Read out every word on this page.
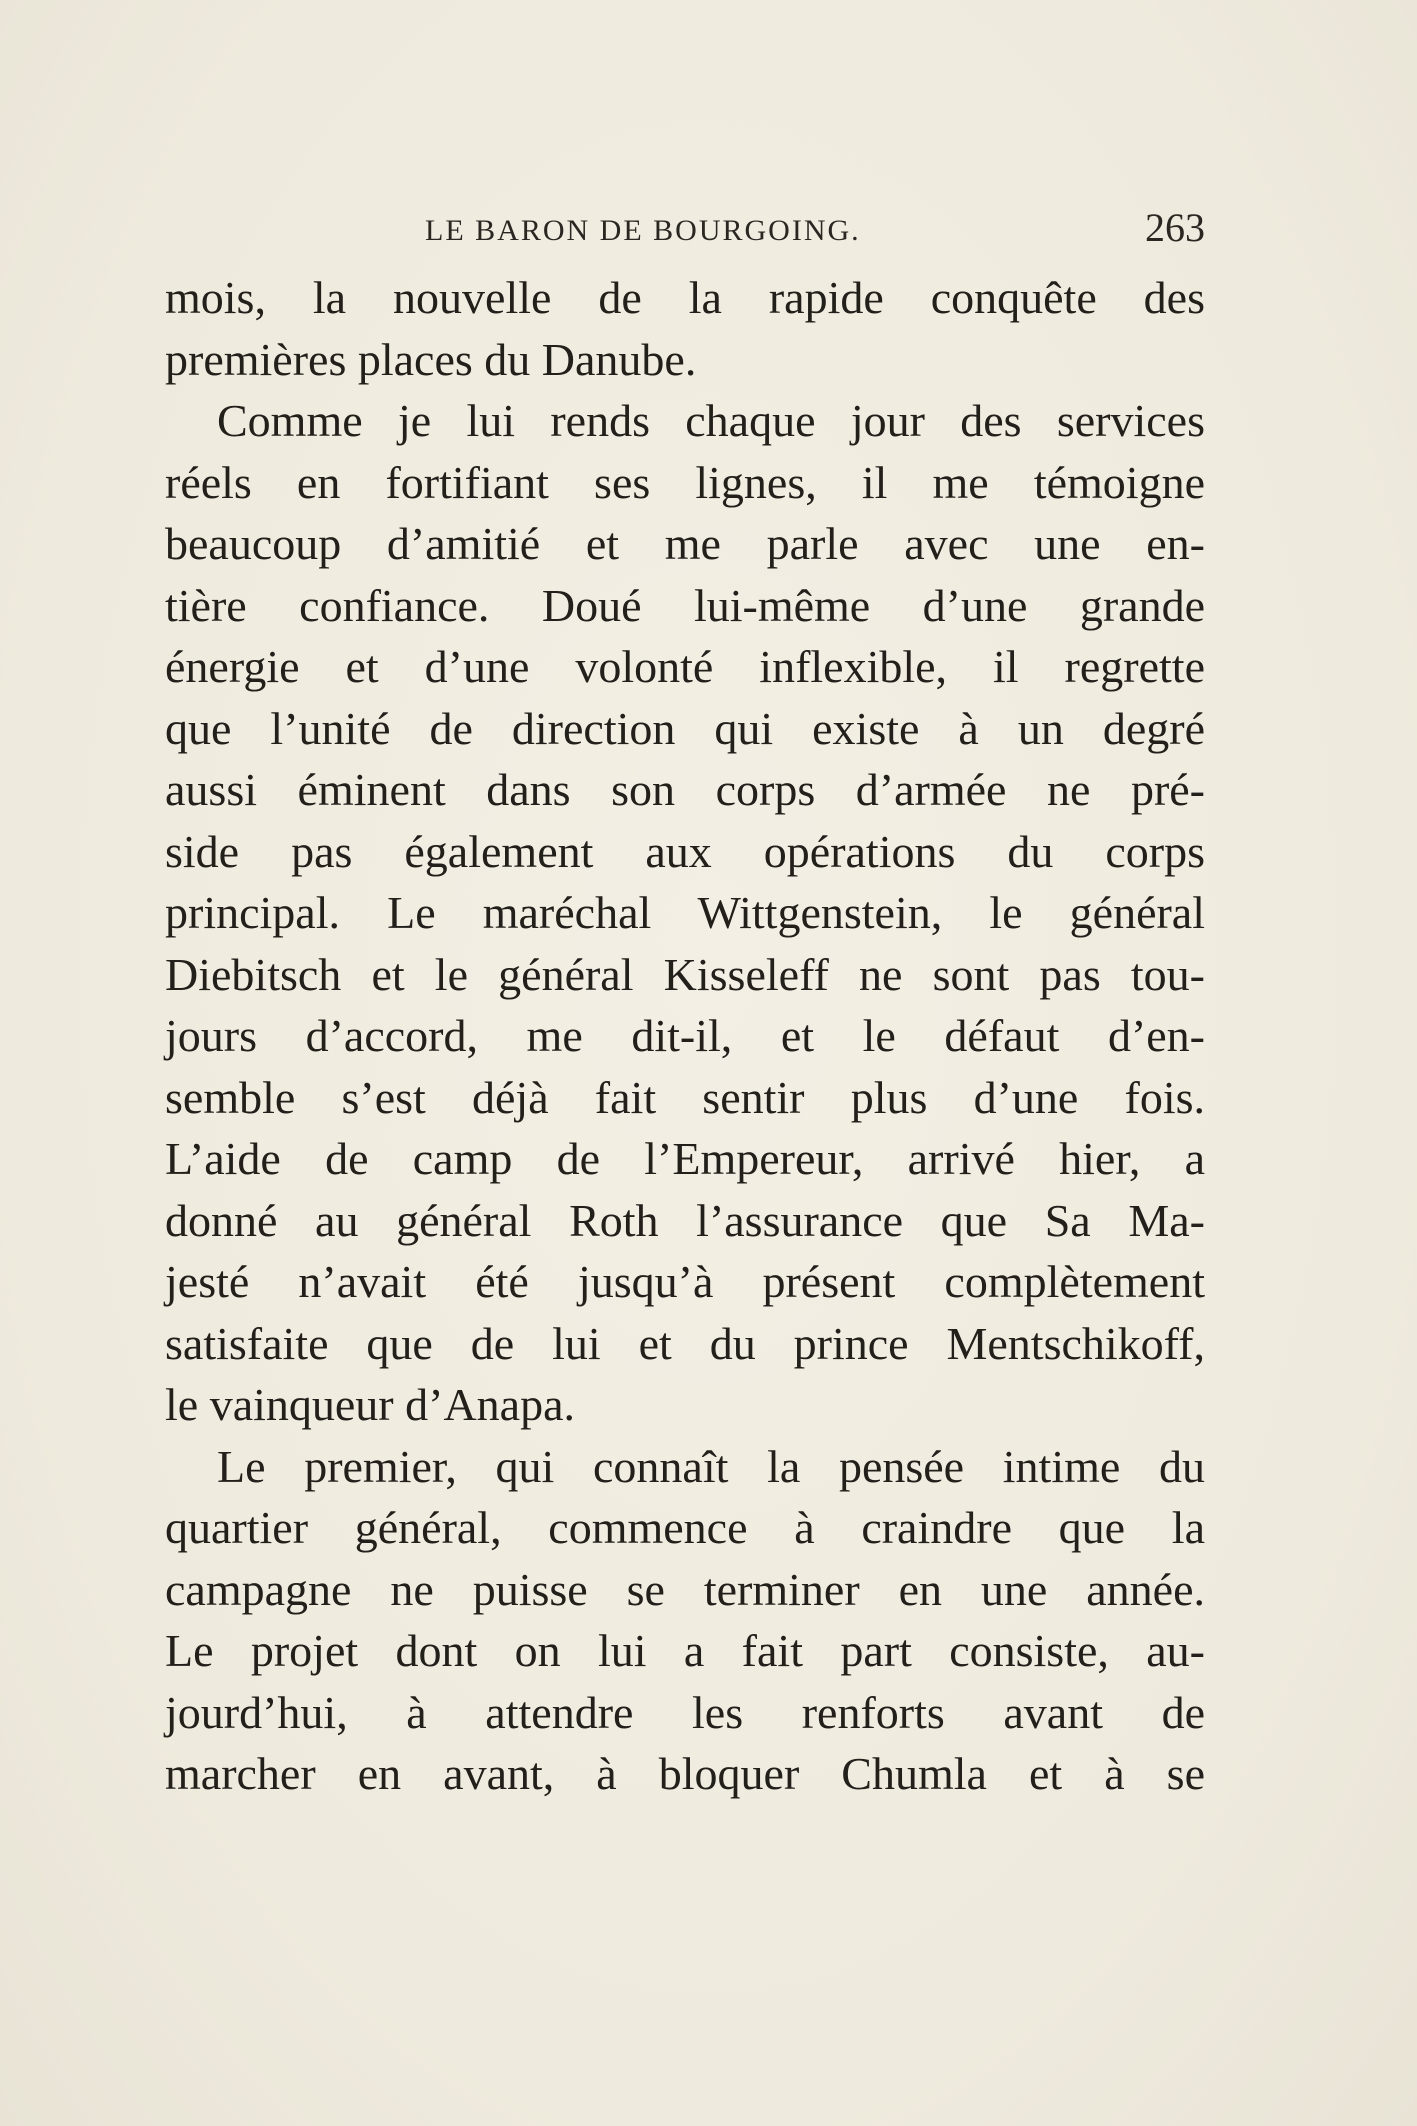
LE BARON DE BOURGOING.	263
mois, la nouvelle de la rapide conquête des
premières places du Danube.
Comme je lui rends chaque jour des services
réels en fortifiant ses lignes, il me témoigne
beaucoup d’amitié et me parle avec une en-
tière confiance. Doué lui-même d’une grande
énergie et d’une volonté inflexible, il regrette
que l’unité de direction qui existe à un degré
aussi éminent dans son corps d’armée ne pré-
side pas également aux opérations du corps
principal. Le maréchal Wittgenstein, le général
Diebitsch et le général Kisseleff ne sont pas tou-
jours d’accord, me dit-il, et le défaut d’en-
semble s’est déjà fait sentir plus d’une fois.
L’aide de camp de l’Empereur, arrivé hier, a
donné au général Roth l’assurance que Sa Ma-
jesté n’avait été jusqu’à présent complètement
satisfaite que de lui et du prince Mentschikoff,
le vainqueur d’Anapa.
Le premier, qui connaît la pensée intime du
quartier général, commence à craindre que la
campagne ne puisse se terminer en une année.
Le projet dont on lui a fait part consiste, au-
jourd’hui, à attendre les renforts avant de
marcher en avant, à bloquer Chumla et à se
